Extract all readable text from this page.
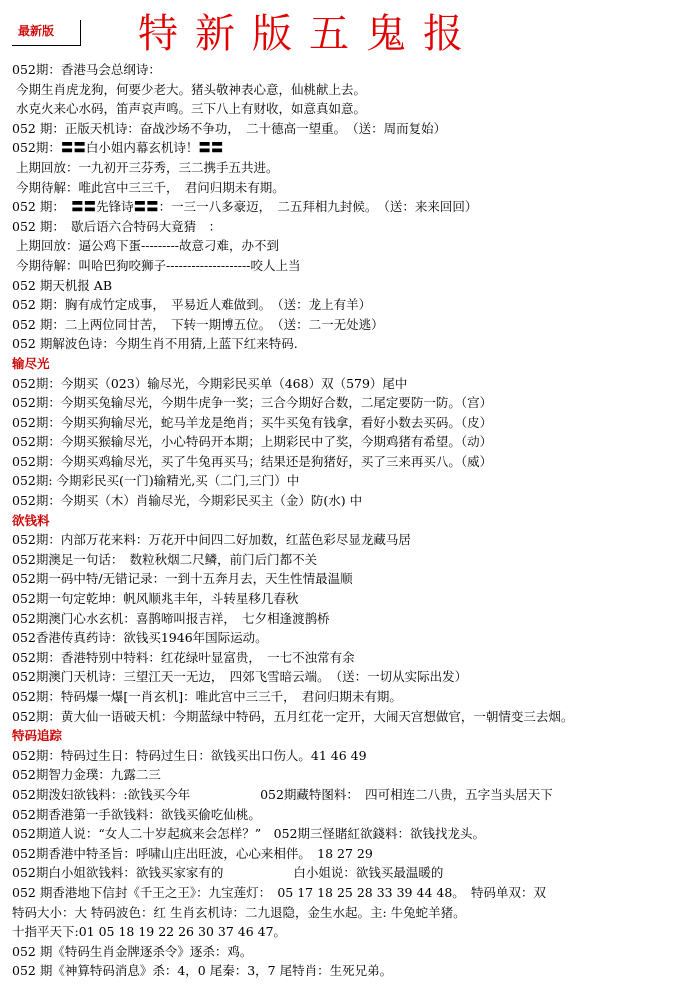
最新版	特新版五鬼报
052期：香港马会总纲诗：
今期生肖虎龙狗，何要少老大。猪头敬神表心意，仙桃献上去。
水克火来心水码，笛声哀声鸣。三下八上有财收，如意真如意。
052 期：正版天机诗：奋战沙场不争功，　二十德高一望重。　（送：周而复始）
052期：〓〓白小姐内幕玄机诗！〓〓
上期回放：一九初开三芬秀，三二携手五共进。
今期待解：唯此宫中三三千，　君问归期未有期。
052 期：　〓〓先锋诗〓〓：一三一八多豪迈，　二五拜相九封候。　（送：来来回回）
052 期：　歇后语六合特码大竟猜　：
上期回放：逼公鸡下蛋---------故意刁难，办不到
今期待解：叫哈巴狗咬狮子--------------------咬人上当
052 期天机报 AB
052 期：胸有成竹定成事，　平易近人难做到。　（送：龙上有羊）
052 期：二上两位同甘苦，　下转一期博五位。　（送：二一无处逃）
052 期解波色诗：今期生肖不用猜,上蓝下红来特码.
输尽光
052期：今期买（023）输尽光，今期彩民买单（468）双（579）尾中
052期：今期买兔输尽光，今期牛虎争一奖；三合今期好合数，二尾定要防一防。（宫）
052期：今期买狗输尽光，蛇马羊龙是绝肖；买牛买兔有钱拿，看好小数去买码。（皮）
052期：今期买猴输尽光，小心特码开本期；上期彩民中了奖，今期鸡猪有希望。（动）
052期：今期买鸡输尽光，买了牛兔再买马；结果还是狗猪好，买了三来再买八。（威）
052期: 今期彩民买(一门)输精光,买（二门,三门）中
052期：今期买（木）肖输尽光，今期彩民买主（金）防(水) 中
欲钱料
052期：内部万花来料：万花开中间四二好加数，红蓝色彩尽显龙藏马居
052期澳足一句话：　数粒秋烟二尺鳞，前门后门都不关
052期一码中特/无错记录：一到十五奔月去，天生性情最温顺
052期一句定乾坤：帆风顺兆丰年，斗转星移几春秋
052期澳门心水玄机：喜鹊啼叫报吉祥，　七夕相逢渡鹊桥
052香港传真药诗：欲钱买1946年国际运动。
052期：香港特别中特料：红花绿叶显富贵，　一七不浊常有余
052期澳门天机诗：三望江天一无边，　四郊飞雪暗云端。　（送：一切从实际出发）
052期：特码爆一爆[一肖玄机]：唯此宫中三三千，　君问归期未有期。
052期：黄大仙一语破天机：今期蓝绿中特码，五月红花一定开，大闹天宫想做官，一朝情变三去烟。
特码追踪
052期：特码过生日：特码过生日：欲钱买出口伤人。41 46 49
052期智力金璞：九露二三
052期泼妇欲钱料：:欲钱买今年	052期藏特图料：　四可相连二八贵，五字当头居天下
052期香港第一手欲钱料：欲钱买偷吃仙桃。
052期道人说：“女人二十岁起疯来会怎样？”　052期三怪賭紅欲錢料：欲钱找龙头。
052期香港中特圣旨：呼啸山庄出旺波，心心来相伴。　18 27 29
052期白小姐欲钱料：欲钱买家家有的	白小姐说：欲钱买最温暖的
052 期香港地下信封《千王之王》：九宝莲灯：　05 17 18 25 28 33 39 44 48。　特码单双：双
特码大小：大 特码波色：红 生肖玄机诗：二九退隐，金生水起。主: 牛兔蛇羊猪。
十指平天下:01 05 18 19 22 26 30 37 46 47。
052 期《特码生肖金牌逐杀令》逐杀：鸡。
052 期《神算特码消息》杀：4，0 尾秦：3，7 尾特肖：生死兄弟。
